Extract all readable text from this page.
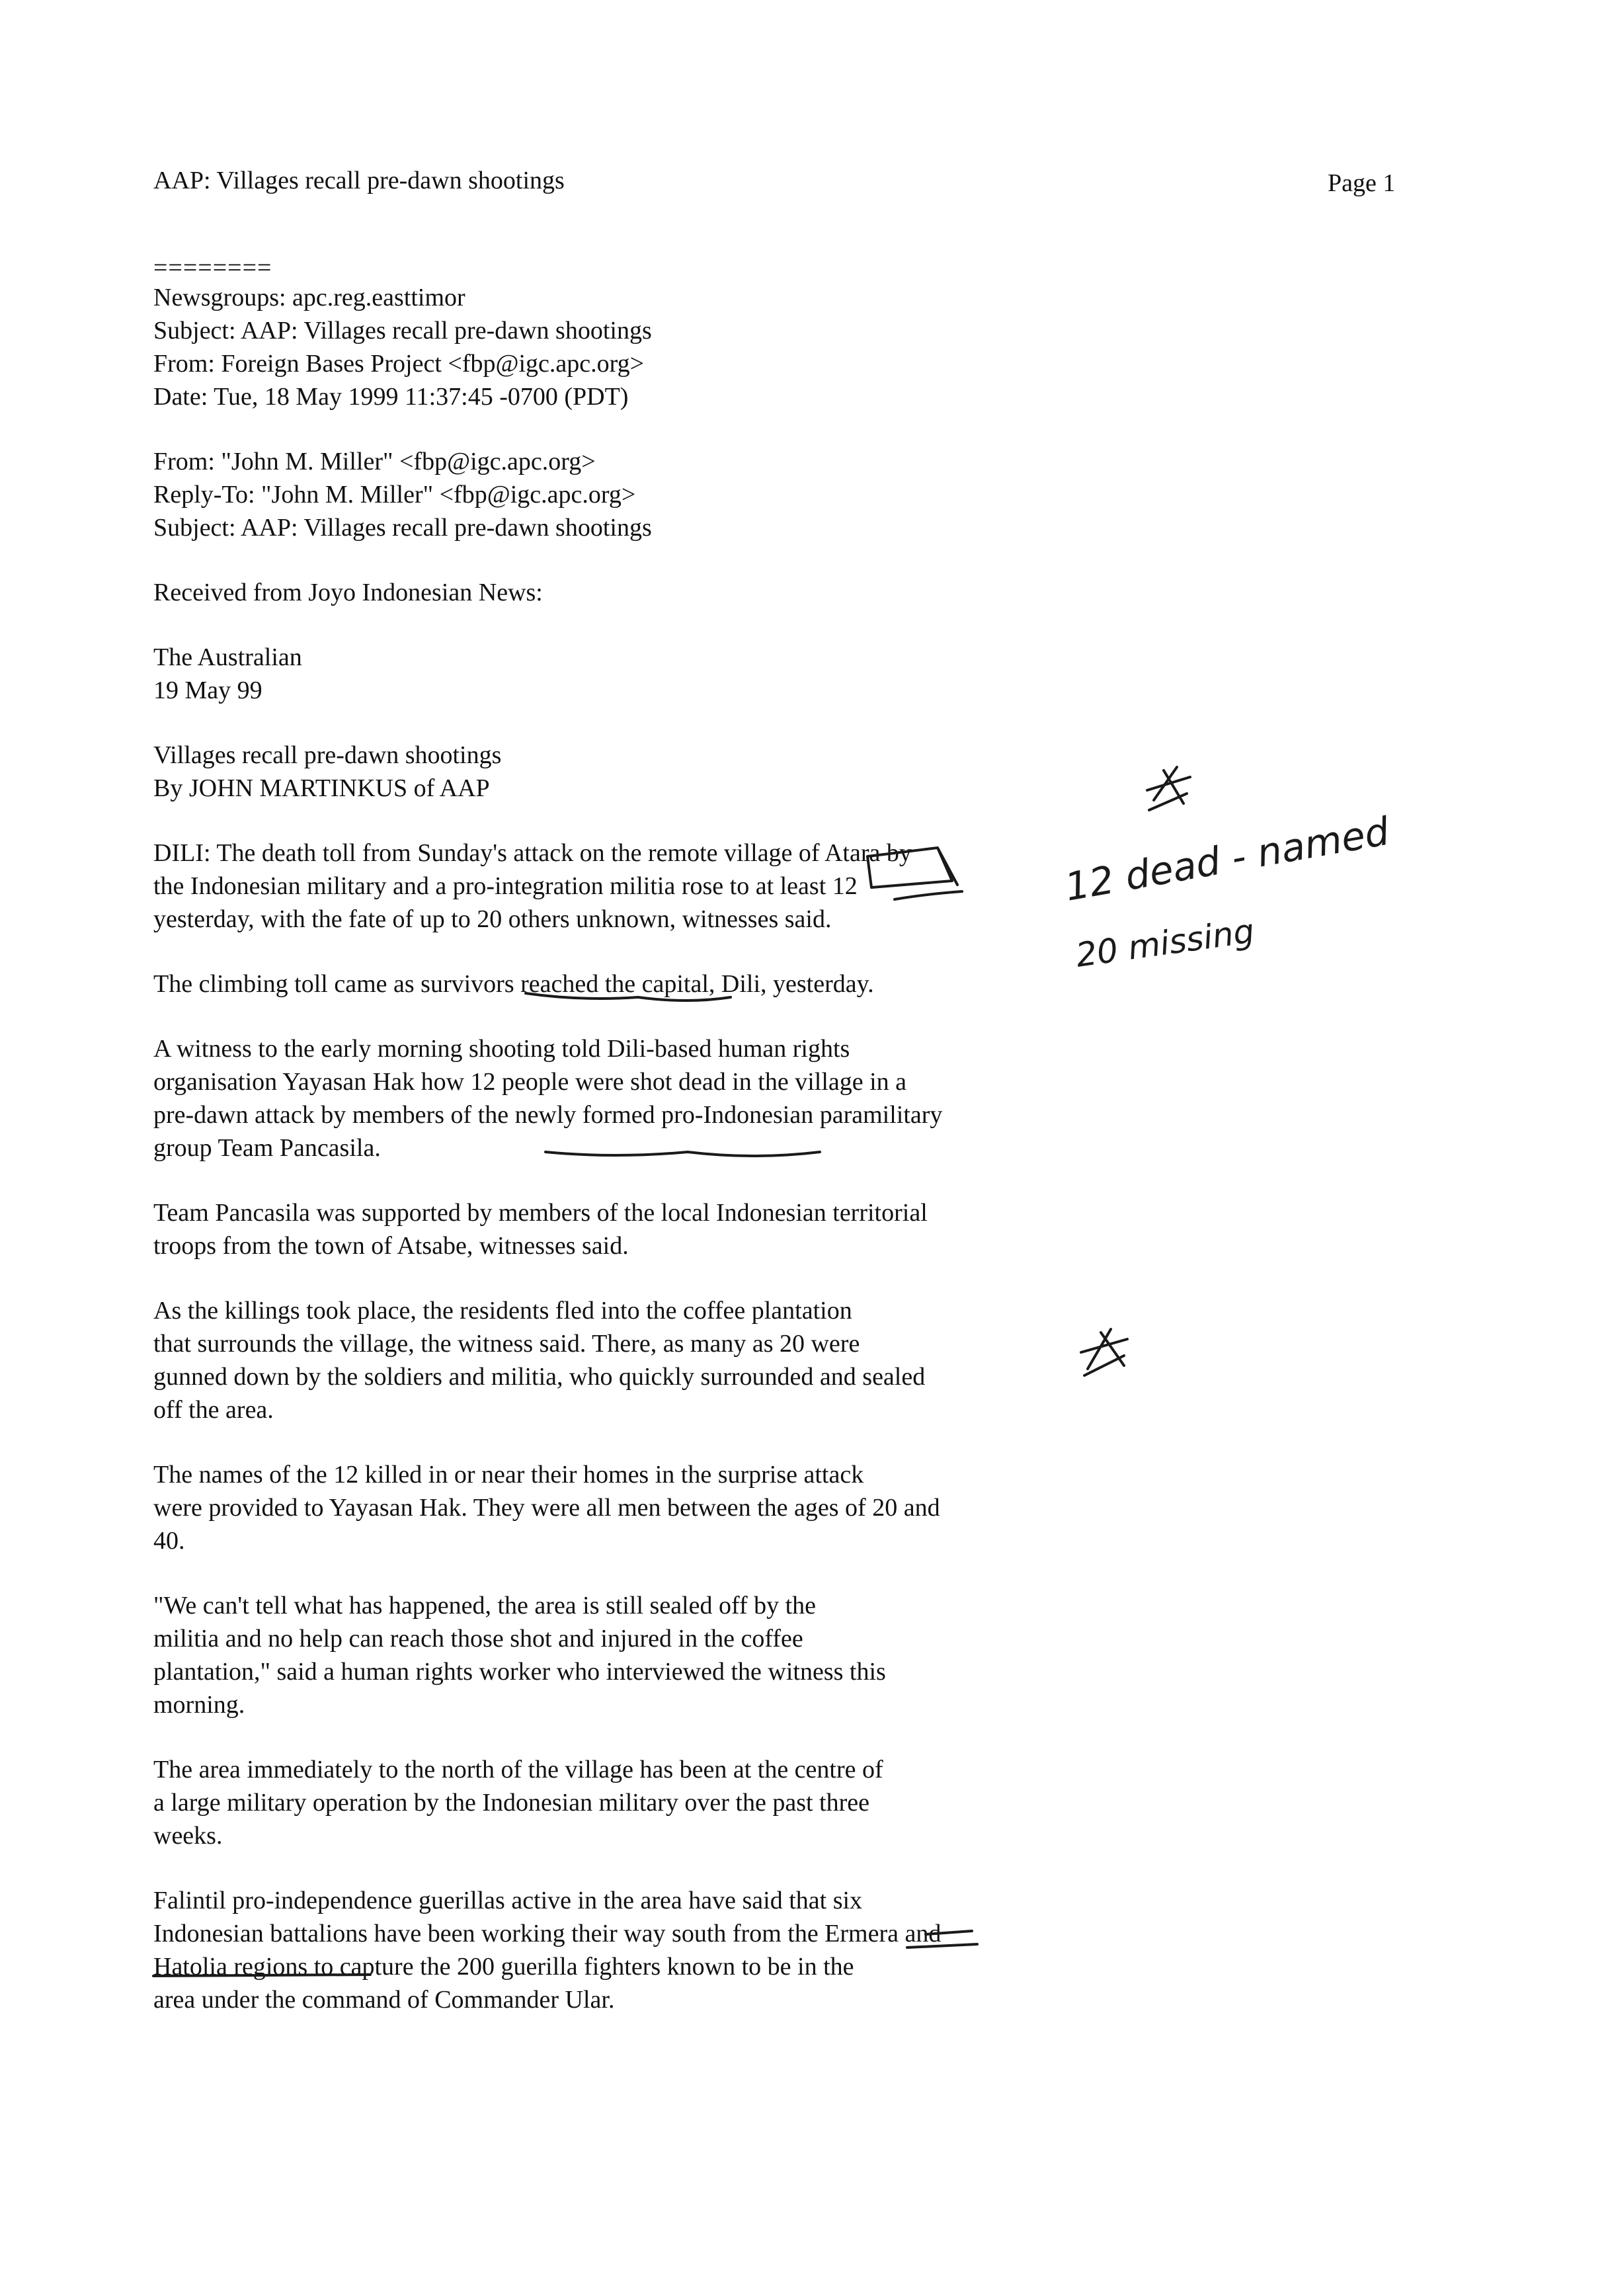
AAP: Villages recall pre-dawn shootings	Page 1

========
Newsgroups: apc.reg.easttimor
Subject: AAP: Villages recall pre-dawn shootings
From: Foreign Bases Project <fbp@igc.apc.org>
Date: Tue, 18 May 1999 11:37:45 -0700 (PDT)

From: "John M. Miller" <fbp@igc.apc.org>
Reply-To: "John M. Miller" <fbp@igc.apc.org>
Subject: AAP: Villages recall pre-dawn shootings

Received from Joyo Indonesian News:

The Australian
19 May 99

Villages recall pre-dawn shootings
By JOHN MARTINKUS of AAP

DILI: The death toll from Sunday's attack on the remote village of Atara by
the Indonesian military and a pro-integration militia rose to at least 12
yesterday, with the fate of up to 20 others unknown, witnesses said.

The climbing toll came as survivors reached the capital, Dili, yesterday.

A witness to the early morning shooting told Dili-based human rights
organisation Yayasan Hak how 12 people were shot dead in the village in a
pre-dawn attack by members of the newly formed pro-Indonesian paramilitary
group Team Pancasila.

Team Pancasila was supported by members of the local Indonesian territorial
troops from the town of Atsabe, witnesses said.

As the killings took place, the residents fled into the coffee plantation
that surrounds the village, the witness said. There, as many as 20 were
gunned down by the soldiers and militia, who quickly surrounded and sealed
off the area.

The names of the 12 killed in or near their homes in the surprise attack
were provided to Yayasan Hak. They were all men between the ages of 20 and
40.

"We can't tell what has happened, the area is still sealed off by the
militia and no help can reach those shot and injured in the coffee
plantation," said a human rights worker who interviewed the witness this
morning.

The area immediately to the north of the village has been at the centre of
a large military operation by the Indonesian military over the past three
weeks.

Falintil pro-independence guerillas active in the area have said that six
Indonesian battalions have been working their way south from the Ermera and
Hatolia regions to capture the 200 guerilla fighters known to be in the
area under the command of Commander Ular.

12 dead - named
20 missing
